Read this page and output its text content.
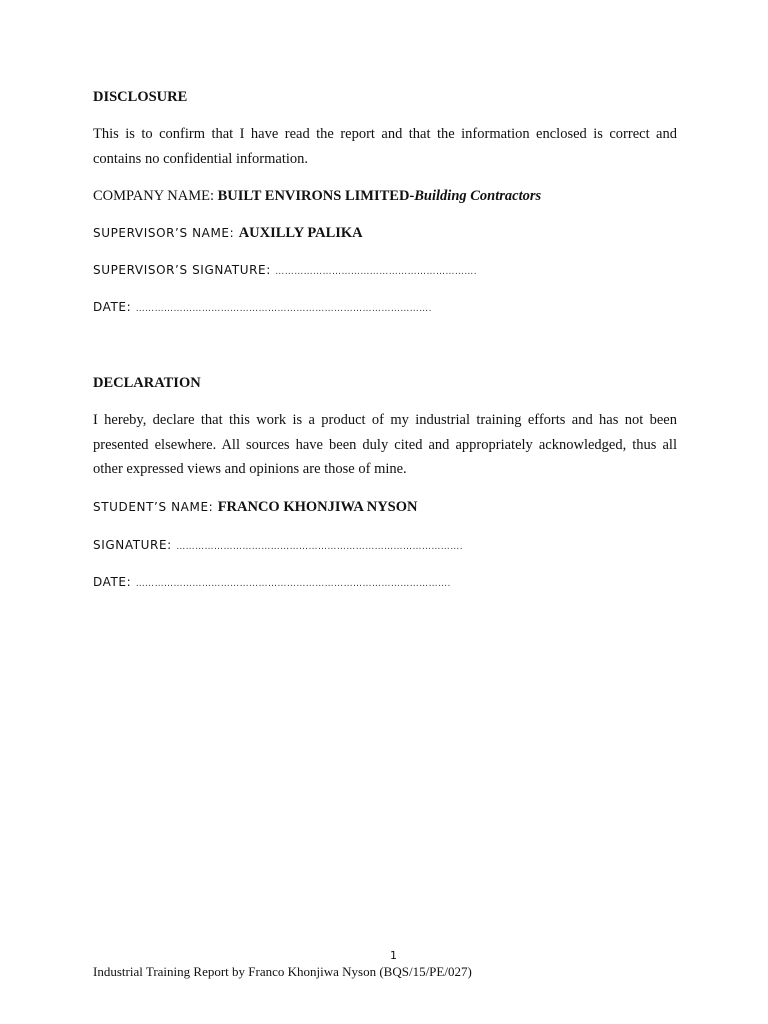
DISCLOSURE
This is to confirm that I have read the report and that the information enclosed is correct and contains no confidential information.
COMPANY NAME: BUILT ENVIRONS LIMITED-Building Contractors
SUPERVISOR’S NAME: AUXILLY PALIKA
SUPERVISOR’S SIGNATURE: ……………………………………………………….
DATE: ………………………………………………………………………………….
DECLARATION
I hereby, declare that this work is a product of my industrial training efforts and has not been presented elsewhere. All sources have been duly cited and appropriately acknowledged, thus all other expressed views and opinions are those of mine.
STUDENT’S NAME: FRANCO KHONJIWA NYSON
SIGNATURE: ……………………………………………………………………………….
DATE: ……………………………………………………………………………………….
1
Industrial Training Report by Franco Khonjiwa Nyson (BQS/15/PE/027)
